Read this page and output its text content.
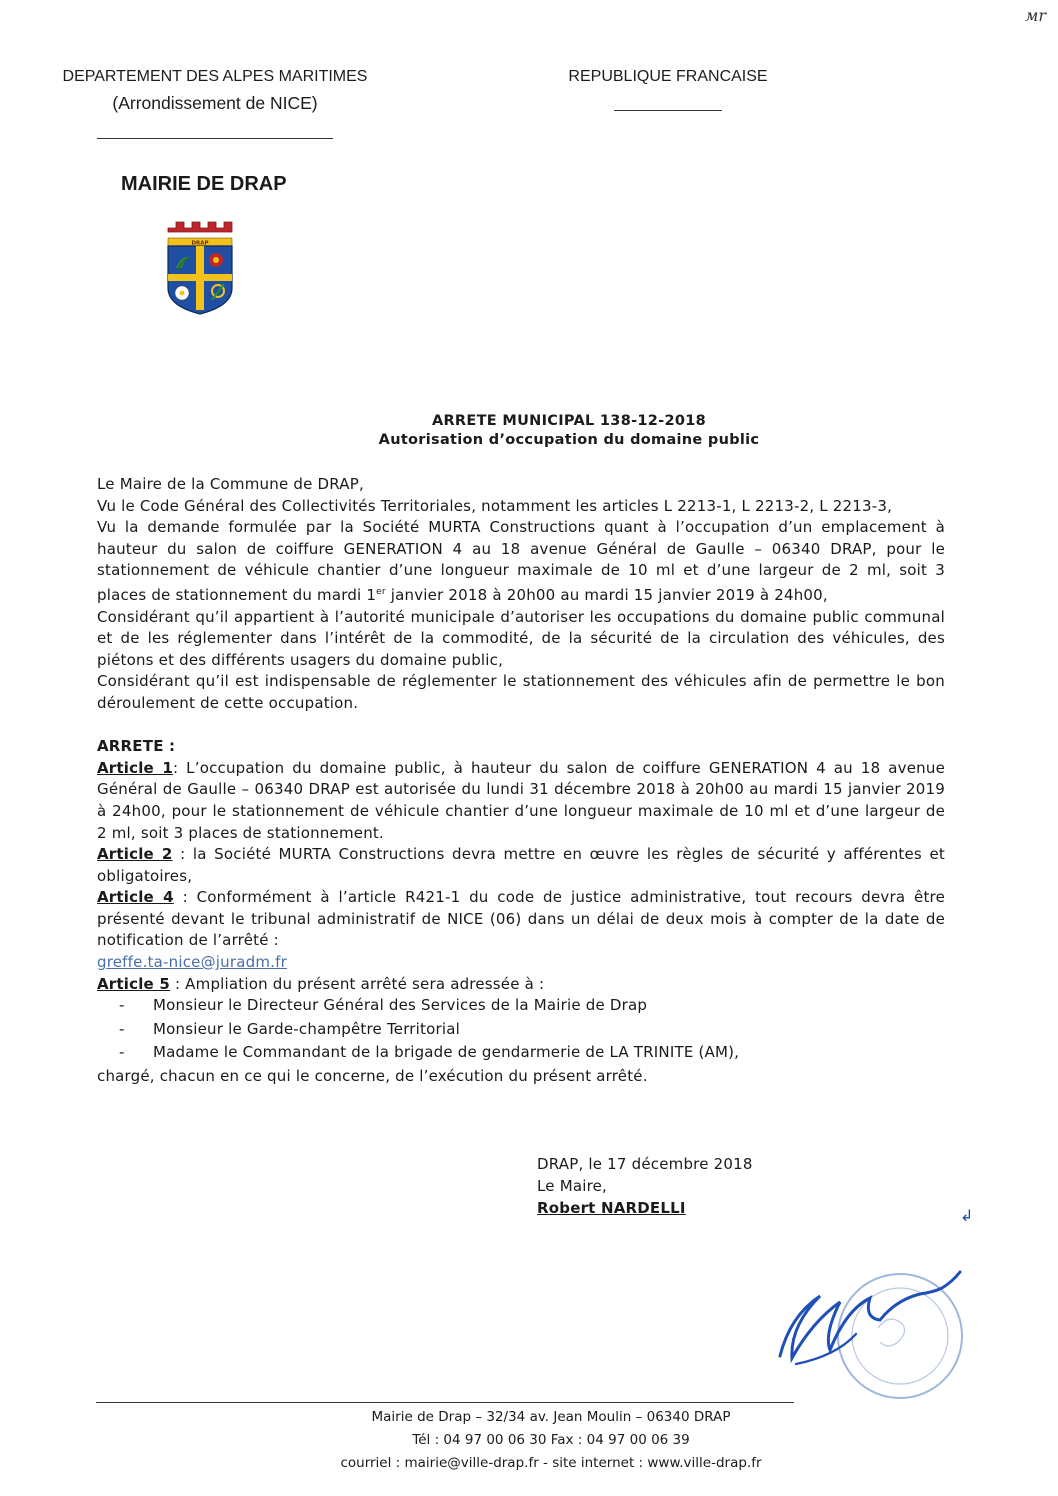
мr
DEPARTEMENT DES ALPES MARITIMES
(Arrondissement de NICE)
REPUBLIQUE FRANCAISE
MAIRIE DE DRAP
DRAP
ARRETE MUNICIPAL 138-12-2018
Autorisation d’occupation du domaine public

Le Maire de la Commune de DRAP,

Vu le Code Général des Collectivités Territoriales, notamment les articles L 2213-1, L 2213-2, L 2213-3,

Vu la demande formulée par la Société MURTA Constructions quant à l’occupation d’un emplacement à hauteur du salon de coiffure GENERATION 4 au 18 avenue Général de Gaulle – 06340 DRAP, pour le stationnement de véhicule chantier d’une longueur maximale de 10 ml et d’une largeur de 2 ml, soit 3 places de stationnement du mardi 1er janvier 2018 à 20h00 au mardi 15 janvier 2019 à 24h00,

Considérant qu’il appartient à l’autorité municipale d’autoriser les occupations du domaine public communal et de les réglementer dans l’intérêt de la commodité, de la sécurité de la circulation des véhicules, des piétons et des différents usagers du domaine public,

Considérant qu’il est indispensable de réglementer le stationnement des véhicules afin de permettre le bon déroulement de cette occupation.

ARRETE :

Article 1: L’occupation du domaine public, à hauteur du salon de coiffure GENERATION 4 au 18 avenue Général de Gaulle – 06340 DRAP est autorisée du lundi 31 décembre 2018 à 20h00 au mardi 15 janvier 2019 à 24h00, pour le stationnement de véhicule chantier d’une longueur maximale de 10 ml et d’une largeur de 2 ml, soit 3 places de stationnement.

Article 2 : la Société MURTA Constructions devra mettre en œuvre les règles de sécurité y afférentes et obligatoires,

Article 4 : Conformément à l’article R421-1 du code de justice administrative, tout recours devra être présenté devant le tribunal administratif de NICE (06) dans un délai de deux mois à compter de la date de notification de l’arrêté :

greffe.ta-nice@juradm.fr

Article 5 : Ampliation du présent arrêté sera adressée à :

- Monsieur le Directeur Général des Services de la Mairie de Drap
- Monsieur le Garde-champêtre Territorial
- Madame le Commandant de la brigade de gendarmerie de LA TRINITE (AM),

chargé, chacun en ce qui le concerne, de l’exécution du présent arrêté.

DRAP, le 17 décembre 2018
Le Maire,
Robert NARDELLI	↲
Mairie de Drap – 32/34 av. Jean Moulin – 06340 DRAP
Tél : 04 97 00 06 30 Fax : 04 97 00 06 39
courriel : mairie@ville-drap.fr - site internet : www.ville-drap.fr
